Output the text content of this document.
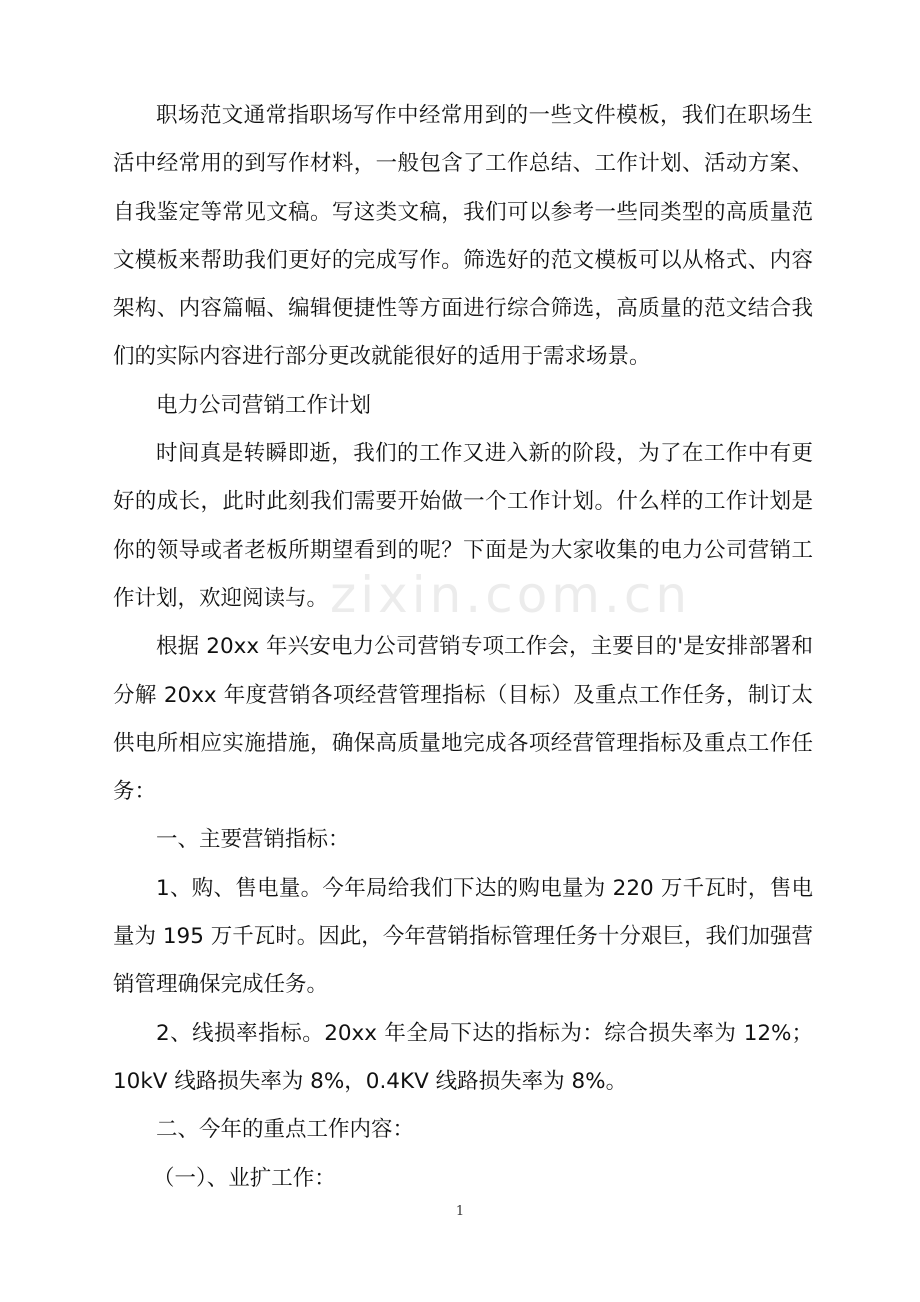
职场范文通常指职场写作中经常用到的一些文件模板，我们在职场生活中经常用的到写作材料，一般包含了工作总结、工作计划、活动方案、自我鉴定等常见文稿。写这类文稿，我们可以参考一些同类型的高质量范文模板来帮助我们更好的完成写作。筛选好的范文模板可以从格式、内容架构、内容篇幅、编辑便捷性等方面进行综合筛选，高质量的范文结合我们的实际内容进行部分更改就能很好的适用于需求场景。

电力公司营销工作计划

时间真是转瞬即逝，我们的工作又进入新的阶段，为了在工作中有更好的成长，此时此刻我们需要开始做一个工作计划。什么样的工作计划是你的领导或者老板所期望看到的呢？下面是为大家收集的电力公司营销工作计划，欢迎阅读与。

根据 20xx 年兴安电力公司营销专项工作会，主要目的'是安排部署和分解 20xx 年度营销各项经营管理指标（目标）及重点工作任务，制订太供电所相应实施措施，确保高质量地完成各项经营管理指标及重点工作任务：

一、主要营销指标：

1、购、售电量。今年局给我们下达的购电量为 220 万千瓦时，售电量为 195 万千瓦时。因此，今年营销指标管理任务十分艰巨，我们加强营销管理确保完成任务。

2、线损率指标。20xx 年全局下达的指标为：综合损失率为 12%；10kV 线路损失率为 8%，0.4KV 线路损失率为 8%。

二、今年的重点工作内容：

（一）、业扩工作：

zixin.com.cn
1
